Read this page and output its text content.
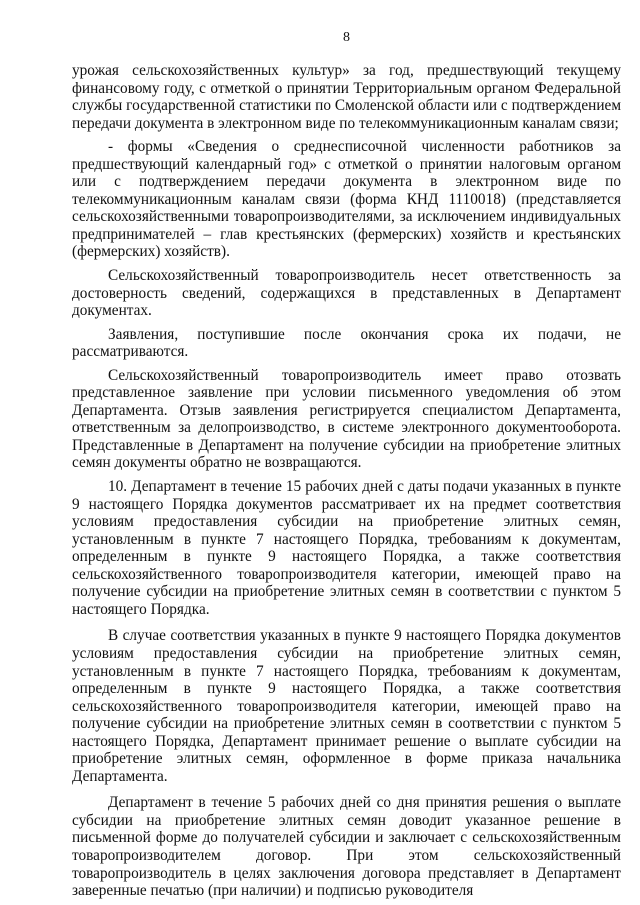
8

урожая сельскохозяйственных культур» за год, предшествующий текущему финансовому году, с отметкой о принятии Территориальным органом Федеральной службы государственной статистики по Смоленской области или с подтверждением передачи документа в электронном виде по телекоммуникационным каналам связи;

- формы «Сведения о среднесписочной численности работников за предшествующий календарный год» с отметкой о принятии налоговым органом или с подтверждением передачи документа в электронном виде по телекоммуникационным каналам связи (форма КНД 1110018) (представляется сельскохозяйственными товаропроизводителями, за исключением индивидуальных предпринимателей – глав крестьянских (фермерских) хозяйств и крестьянских (фермерских) хозяйств).

Сельскохозяйственный товаропроизводитель несет ответственность за достоверность сведений, содержащихся в представленных в Департамент документах.

Заявления, поступившие после окончания срока их подачи, не рассматриваются.

Сельскохозяйственный товаропроизводитель имеет право отозвать представленное заявление при условии письменного уведомления об этом Департамента. Отзыв заявления регистрируется специалистом Департамента, ответственным за делопроизводство, в системе электронного документооборота. Представленные в Департамент на получение субсидии на приобретение элитных семян документы обратно не возвращаются.

10. Департамент в течение 15 рабочих дней с даты подачи указанных в пункте 9 настоящего Порядка документов рассматривает их на предмет соответствия условиям предоставления субсидии на приобретение элитных семян, установленным в пункте 7 настоящего Порядка, требованиям к документам, определенным в пункте 9 настоящего Порядка, а также соответствия сельскохозяйственного товаропроизводителя категории, имеющей право на получение субсидии на приобретение элитных семян в соответствии с пунктом 5 настоящего Порядка.

В случае соответствия указанных в пункте 9 настоящего Порядка документов условиям предоставления субсидии на приобретение элитных семян, установленным в пункте 7 настоящего Порядка, требованиям к документам, определенным в пункте 9 настоящего Порядка, а также соответствия сельскохозяйственного товаропроизводителя категории, имеющей право на получение субсидии на приобретение элитных семян в соответствии с пунктом 5 настоящего Порядка, Департамент принимает решение о выплате субсидии на приобретение элитных семян, оформленное в форме приказа начальника Департамента.

Департамент в течение 5 рабочих дней со дня принятия решения о выплате субсидии на приобретение элитных семян доводит указанное решение в письменной форме до получателей субсидии и заключает с сельскохозяйственным товаропроизводителем договор. При этом сельскохозяйственный товаропроизводитель в целях заключения договора представляет в Департамент заверенные печатью (при наличии) и подписью руководителя
